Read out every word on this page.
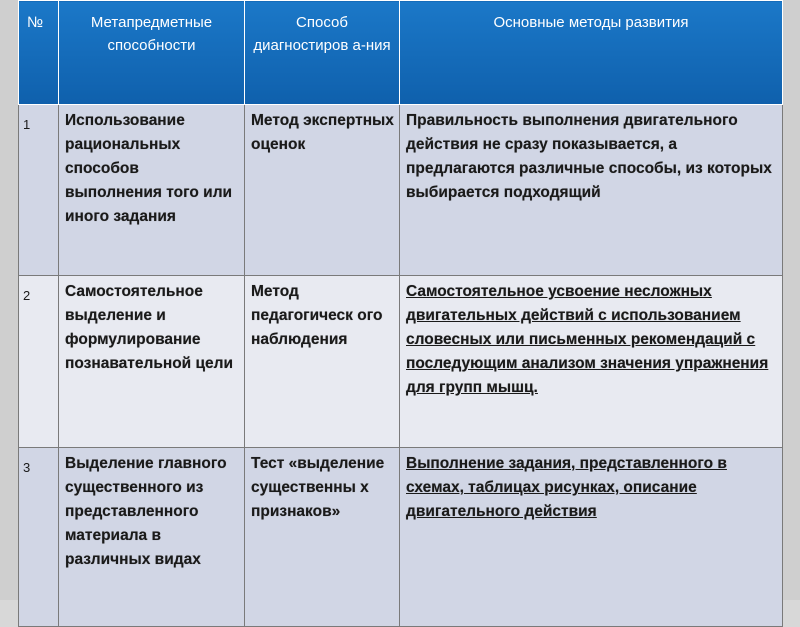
№	Метапредметные способности	Способ диагностиров а-ния	Основные методы развития
1	Использование рациональных способов выполнения того или иного задания	Метод экспертных оценок	Правильность выполнения двигательного действия не сразу показывается, а предлагаются различные способы, из которых выбирается подходящий
2	Самостоятельное выделение и формулирование познавательной цели	Метод педагогическ ого наблюдения	Самостоятельное усвоение несложных двигательных действий с использованием словесных или письменных рекомендаций с последующим анализом значения упражнения для групп мышц.
3	Выделение главного существенного из представленного материала в различных видах	Тест «выделение существенны х признаков»	Выполнение задания, представленного в схемах, таблицах рисунках, описание двигательного действия
